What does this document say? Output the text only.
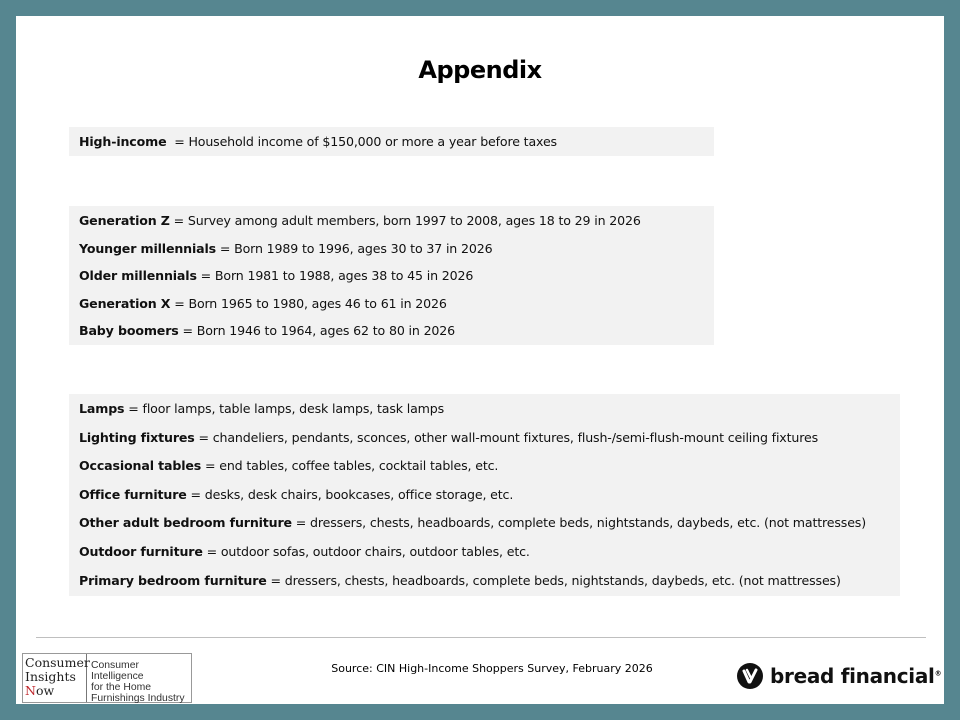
Appendix
High-income  = Household income of $150,000 or more a year before taxes
Generation Z = Survey among adult members, born 1997 to 2008, ages 18 to 29 in 2026
Younger millennials = Born 1989 to 1996, ages 30 to 37 in 2026
Older millennials = Born 1981 to 1988, ages 38 to 45 in 2026
Generation X = Born 1965 to 1980, ages 46 to 61 in 2026
Baby boomers = Born 1946 to 1964, ages 62 to 80 in 2026
Lamps = floor lamps, table lamps, desk lamps, task lamps
Lighting fixtures = chandeliers, pendants, sconces, other wall-mount fixtures, flush-/semi-flush-mount ceiling fixtures
Occasional tables = end tables, coffee tables, cocktail tables, etc.
Office furniture = desks, desk chairs, bookcases, office storage, etc.
Other adult bedroom furniture = dressers, chests, headboards, complete beds, nightstands, daybeds, etc. (not mattresses)
Outdoor furniture = outdoor sofas, outdoor chairs, outdoor tables, etc.
Primary bedroom furniture = dressers, chests, headboards, complete beds, nightstands, daybeds, etc. (not mattresses)
Source: CIN High-Income Shoppers Survey, February 2026
Consumer
Insights
Now
Consumer Intelligence
for the Home
Furnishings Industry
bread financial®
